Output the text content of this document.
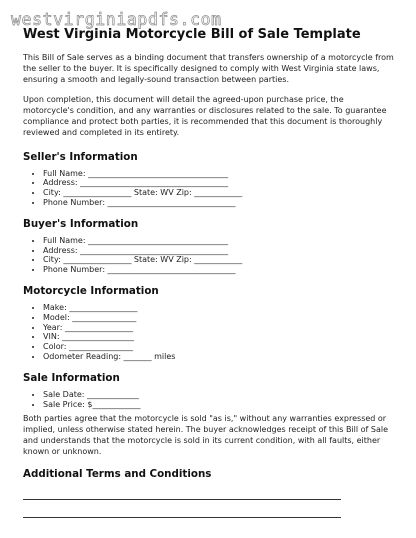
westvirginiapdfs.com
West Virginia Motorcycle Bill of Sale Template

This Bill of Sale serves as a binding document that transfers ownership of a motorcycle from the seller to the buyer. It is specifically designed to comply with West Virginia state laws, ensuring a smooth and legally-sound transaction between parties.

Upon completion, this document will detail the agreed-upon purchase price, the motorcycle's condition, and any warranties or disclosures related to the sale. To guarantee compliance and protect both parties, it is recommended that this document is thoroughly reviewed and completed in its entirety.

Seller's Information
• Full Name: ___________________________________
• Address: _____________________________________
• City: _________________ State: WV Zip: ____________
• Phone Number: ________________________________
Buyer's Information
• Full Name: ___________________________________
• Address: _____________________________________
• City: _________________ State: WV Zip: ____________
• Phone Number: ________________________________
Motorcycle Information
• Make: _________________
• Model: ________________
• Year: _________________
• VIN: __________________
• Color: ________________
• Odometer Reading: _______ miles
Sale Information
• Sale Date: _____________
• Sale Price: $____________

Both parties agree that the motorcycle is sold "as is," without any warranties expressed or implied, unless otherwise stated herein. The buyer acknowledges receipt of this Bill of Sale and understands that the motorcycle is sold in its current condition, with all faults, either known or unknown.

Additional Terms and Conditions
